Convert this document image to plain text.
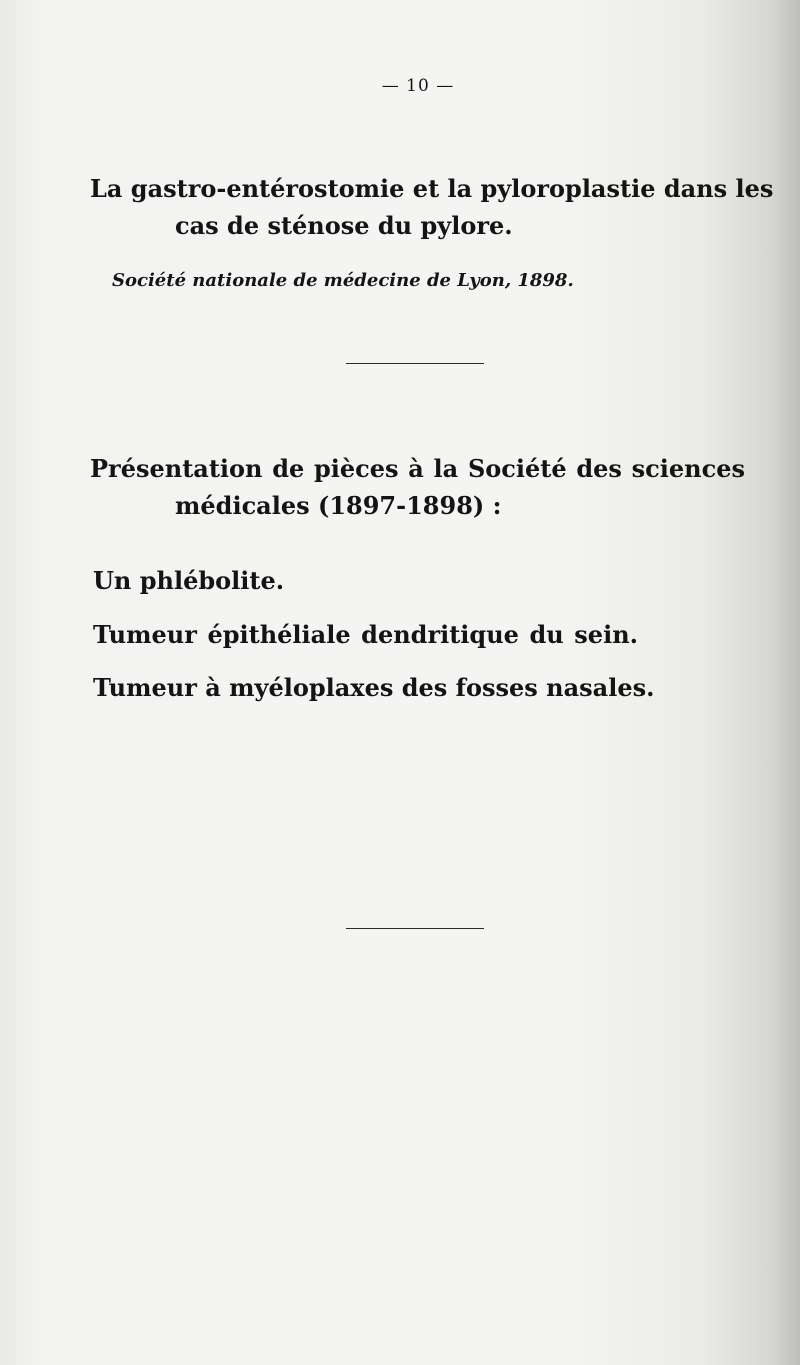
— 10 —
La gastro-entérostomie et la pyloroplastie dans les
cas de sténose du pylore.
Société nationale de médecine de Lyon, 1898.
Présentation de pièces à la Société des sciences
médicales (1897-1898) :
Un phlébolite.
Tumeur épithéliale dendritique du sein.
Tumeur à myéloplaxes des fosses nasales.
